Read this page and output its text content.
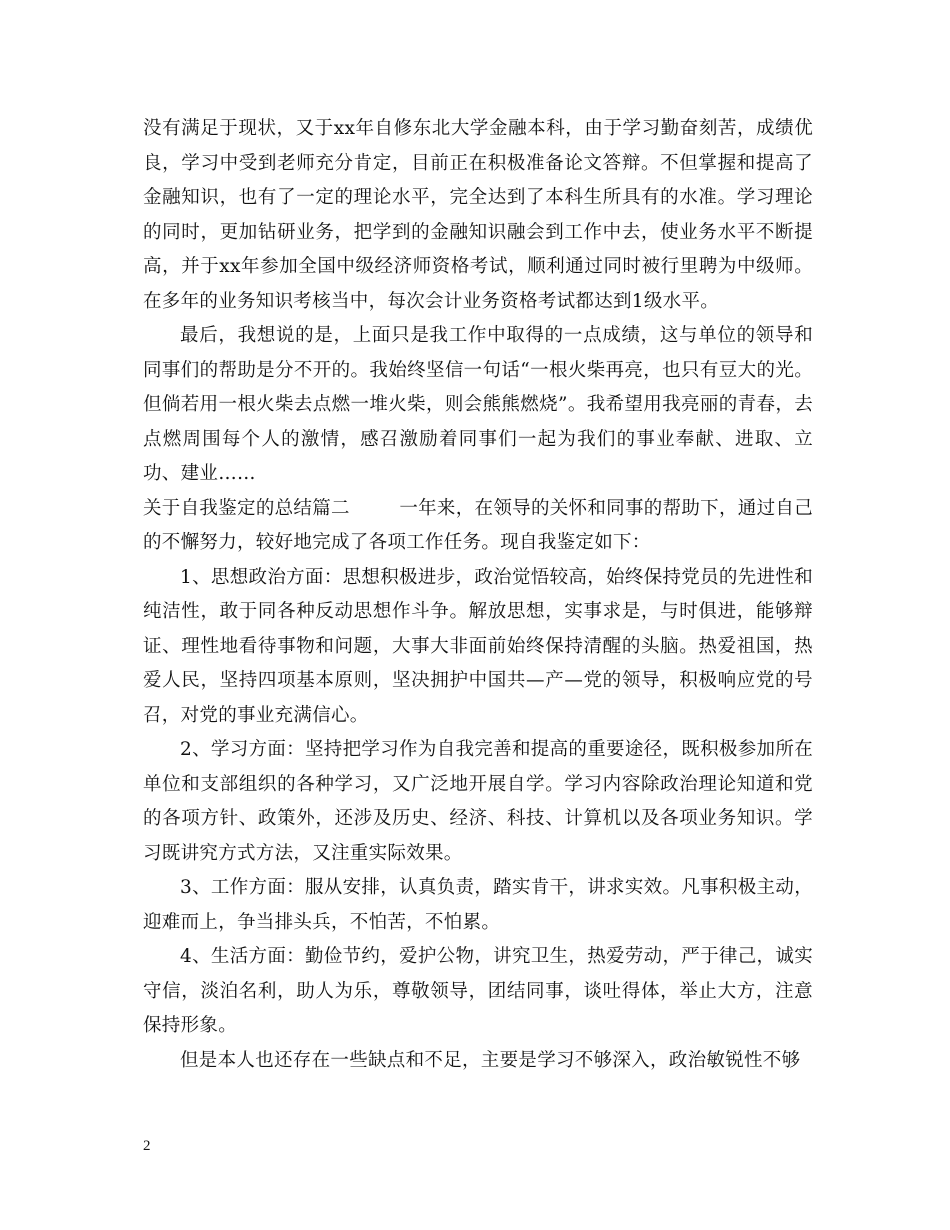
没有满足于现状，又于xx年自修东北大学金融本科，由于学习勤奋刻苦，成绩优良，学习中受到老师充分肯定，目前正在积极准备论文答辩。不但掌握和提高了金融知识，也有了一定的理论水平，完全达到了本科生所具有的水准。学习理论的同时，更加钻研业务，把学到的金融知识融会到工作中去，使业务水平不断提高，并于xx年参加全国中级经济师资格考试，顺利通过同时被行里聘为中级师。在多年的业务知识考核当中，每次会计业务资格考试都达到1级水平。

最后，我想说的是，上面只是我工作中取得的一点成绩，这与单位的领导和同事们的帮助是分不开的。我始终坚信一句话“一根火柴再亮，也只有豆大的光。但倘若用一根火柴去点燃一堆火柴，则会熊熊燃烧”。我希望用我亮丽的青春，去点燃周围每个人的激情，感召激励着同事们一起为我们的事业奉献、进取、立功、建业……

关于自我鉴定的总结篇二	一年来，在领导的关怀和同事的帮助下，通过自己的不懈努力，较好地完成了各项工作任务。现自我鉴定如下：

1、思想政治方面：思想积极进步，政治觉悟较高，始终保持党员的先进性和纯洁性，敢于同各种反动思想作斗争。解放思想，实事求是，与时俱进，能够辩证、理性地看待事物和问题，大事大非面前始终保持清醒的头脑。热爱祖国，热爱人民，坚持四项基本原则，坚决拥护中国共—产—党的领导，积极响应党的号召，对党的事业充满信心。

2、学习方面：坚持把学习作为自我完善和提高的重要途径，既积极参加所在单位和支部组织的各种学习，又广泛地开展自学。学习内容除政治理论知道和党的各项方针、政策外，还涉及历史、经济、科技、计算机以及各项业务知识。学习既讲究方式方法，又注重实际效果。

3、工作方面：服从安排，认真负责，踏实肯干，讲求实效。凡事积极主动，迎难而上，争当排头兵，不怕苦，不怕累。

4、生活方面：勤俭节约，爱护公物，讲究卫生，热爱劳动，严于律己，诚实守信，淡泊名利，助人为乐，尊敬领导，团结同事，谈吐得体，举止大方，注意保持形象。

但是本人也还存在一些缺点和不足，主要是学习不够深入，政治敏锐性不够

2
